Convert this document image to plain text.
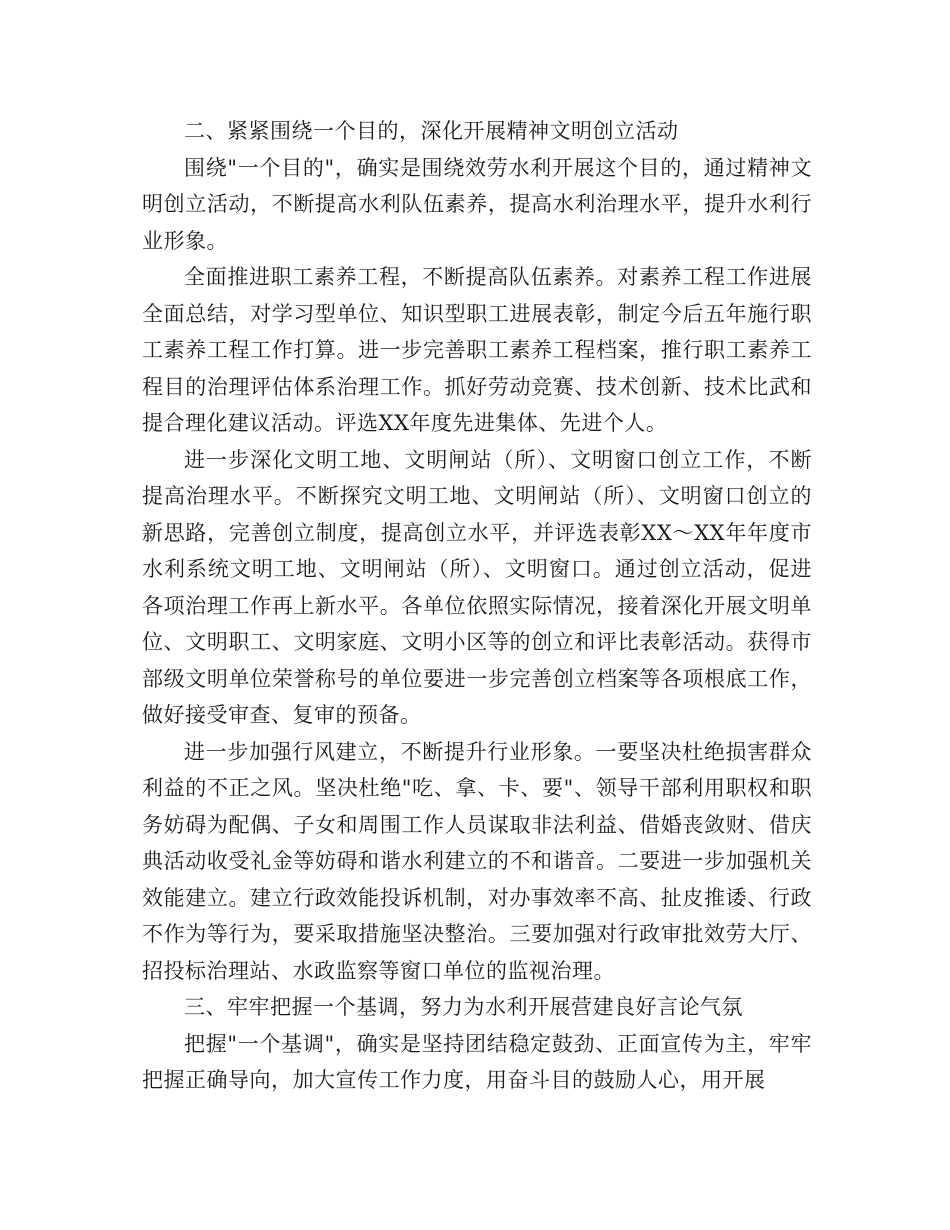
二、紧紧围绕一个目的，深化开展精神文明创立活动

围绕"一个目的"，确实是围绕效劳水利开展这个目的，通过精神文明创立活动，不断提高水利队伍素养，提高水利治理水平，提升水利行业形象。

全面推进职工素养工程，不断提高队伍素养。对素养工程工作进展全面总结，对学习型单位、知识型职工进展表彰，制定今后五年施行职工素养工程工作打算。进一步完善职工素养工程档案，推行职工素养工程目的治理评估体系治理工作。抓好劳动竞赛、技术创新、技术比武和提合理化建议活动。评选XX年度先进集体、先进个人。

进一步深化文明工地、文明闸站（所）、文明窗口创立工作，不断提高治理水平。不断探究文明工地、文明闸站（所）、文明窗口创立的新思路，完善创立制度，提高创立水平，并评选表彰XX～XX年年度市水利系统文明工地、文明闸站（所）、文明窗口。通过创立活动，促进各项治理工作再上新水平。各单位依照实际情况，接着深化开展文明单位、文明职工、文明家庭、文明小区等的创立和评比表彰活动。获得市部级文明单位荣誉称号的单位要进一步完善创立档案等各项根底工作，做好接受审查、复审的预备。

进一步加强行风建立，不断提升行业形象。一要坚决杜绝损害群众利益的不正之风。坚决杜绝"吃、拿、卡、要"、领导干部利用职权和职务妨碍为配偶、子女和周围工作人员谋取非法利益、借婚丧敛财、借庆典活动收受礼金等妨碍和谐水利建立的不和谐音。二要进一步加强机关效能建立。建立行政效能投诉机制，对办事效率不高、扯皮推诿、行政不作为等行为，要采取措施坚决整治。三要加强对行政审批效劳大厅、招投标治理站、水政监察等窗口单位的监视治理。

三、牢牢把握一个基调，努力为水利开展营建良好言论气氛

把握"一个基调"，确实是坚持团结稳定鼓劲、正面宣传为主，牢牢把握正确导向，加大宣传工作力度，用奋斗目的鼓励人心，用开展
